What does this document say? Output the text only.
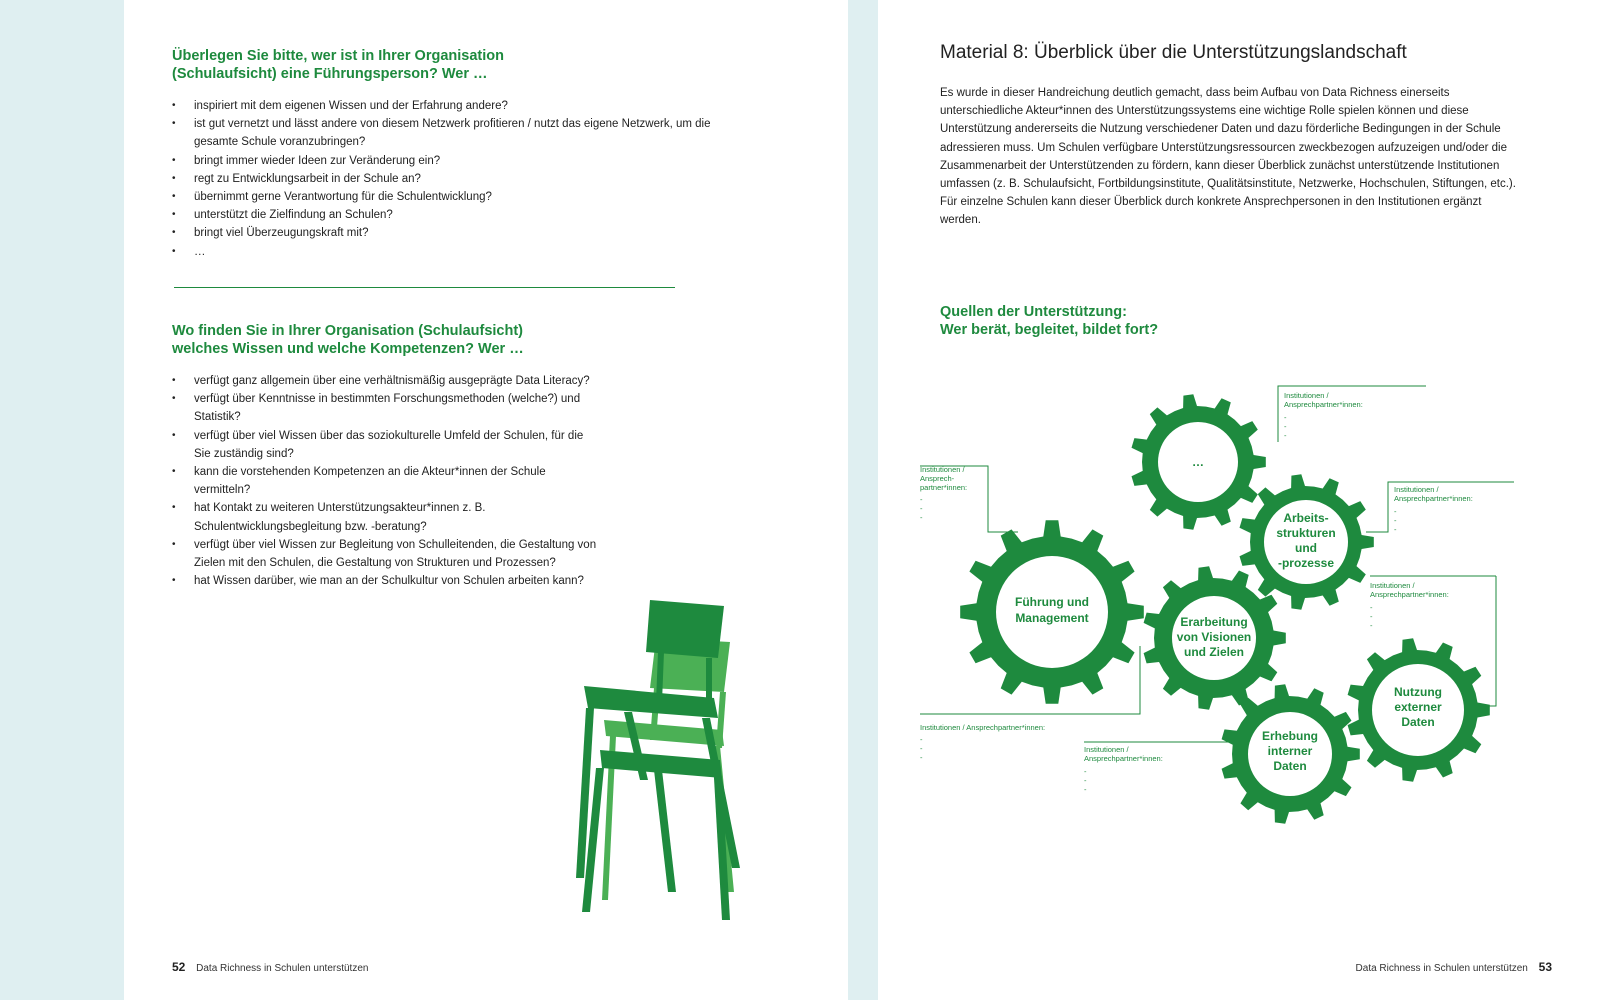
Überlegen Sie bitte, wer ist in Ihrer Organisation
(Schulaufsicht) eine Führungsperson? Wer …

• inspiriert mit dem eigenen Wissen und der Erfahrung andere?
• ist gut vernetzt und lässt andere von diesem Netzwerk profitieren / nutzt das eigene Netzwerk, um die gesamte Schule voranzubringen?
• bringt immer wieder Ideen zur Veränderung ein?
• regt zu Entwicklungsarbeit in der Schule an?
• übernimmt gerne Verantwortung für die Schulentwicklung?
• unterstützt die Zielfindung an Schulen?
• bringt viel Überzeugungskraft mit?
• …

Wo finden Sie in Ihrer Organisation (Schulaufsicht)
welches Wissen und welche Kompetenzen? Wer …

• verfügt ganz allgemein über eine verhältnismäßig ausgeprägte Data Literacy?
• verfügt über Kenntnisse in bestimmten Forschungsmethoden (welche?) und Statistik?
• verfügt über viel Wissen über das soziokulturelle Umfeld der Schulen, für die Sie zuständig sind?
• kann die vorstehenden Kompetenzen an die Akteur*innen der Schule vermitteln?
• hat Kontakt zu weiteren Unterstützungsakteur*innen z. B. Schulentwicklungsbegleitung bzw. -beratung?
• verfügt über viel Wissen zur Begleitung von Schulleitenden, die Gestaltung von Zielen mit den Schulen, die Gestaltung von Strukturen und Prozessen?
• hat Wissen darüber, wie man an der Schulkultur von Schulen arbeiten kann?
52 Data Richness in Schulen unterstützen
Material 8: Überblick über die Unterstützungslandschaft

Es wurde in dieser Handreichung deutlich gemacht, dass beim Aufbau von Data Richness einerseits unterschiedliche Akteur*innen des Unterstützungssystems eine wichtige Rolle spielen können und diese Unterstützung andererseits die Nutzung verschiedener Daten und dazu förderliche Bedingungen in der Schule adressieren muss. Um Schulen verfügbare Unterstützungsressourcen zweckbezogen aufzuzeigen und/oder die Zusammenarbeit der Unterstützenden zu fördern, kann dieser Überblick zunächst unterstützende Institutionen umfassen (z. B. Schulaufsicht, Fortbildungsinstitute, Qualitätsinstitute, Netzwerke, Hochschulen, Stiftungen, etc.). Für einzelne Schulen kann dieser Überblick durch konkrete Ansprechpersonen in den Institutionen ergänzt werden.

Quellen der Unterstützung:
Wer berät, begleitet, bildet fort?
Führung und
Management	Erarbeitung
von Visionen
und Zielen
…
Arbeits-
strukturen
und
-prozesse
Erhebung
interner
Daten
Nutzung
externer
Daten
Institutionen /
Ansprech-
partner*innen:
-
-
-
Institutionen /
Ansprechpartner*innen:
-
-
-
Institutionen /
Ansprechpartner*innen:
-
-
-
Institutionen /
Ansprechpartner*innen:
-
-
-
Institutionen / Ansprechpartner*innen:
-
-
-
Institutionen /
Ansprechpartner*innen:
-
-
-
Data Richness in Schulen unterstützen 53
